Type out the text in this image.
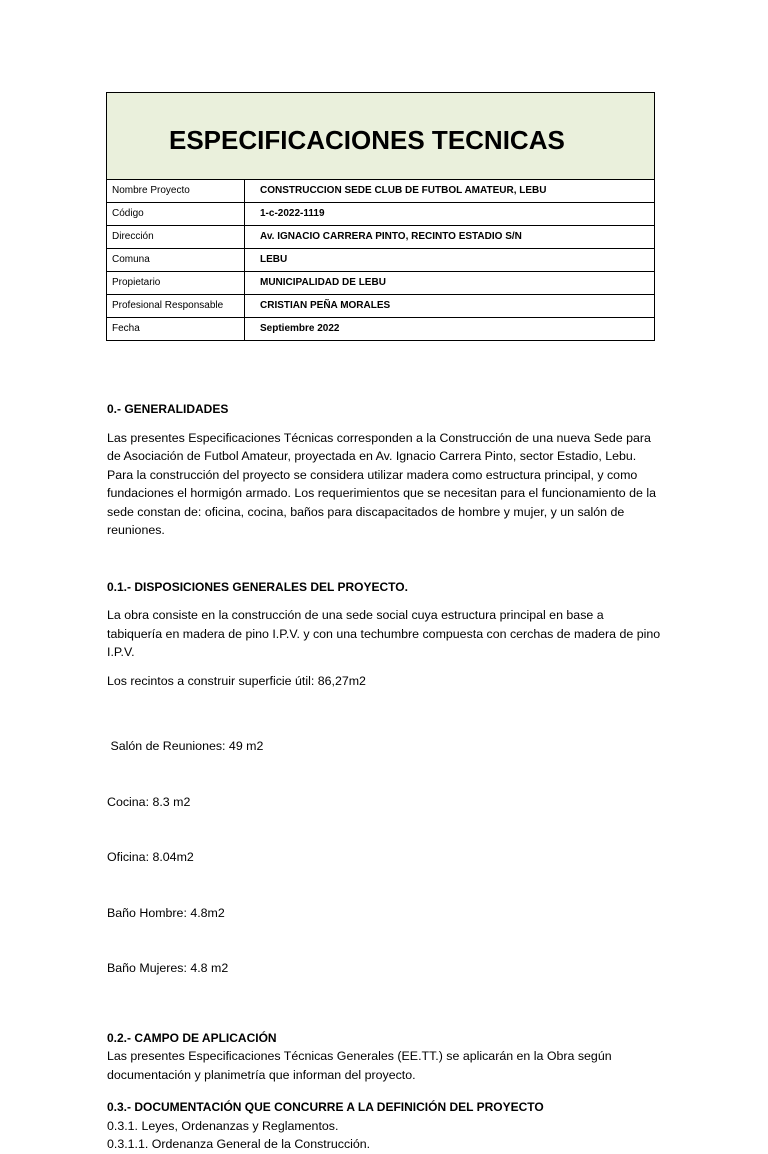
ESPECIFICACIONES TECNICAS
Nombre Proyecto	CONSTRUCCION SEDE CLUB DE FUTBOL AMATEUR, LEBU
Código	1-c-2022-1119
Dirección	Av. IGNACIO CARRERA PINTO, RECINTO ESTADIO S/N
Comuna	LEBU
Propietario	MUNICIPALIDAD DE LEBU
Profesional Responsable	CRISTIAN PEÑA MORALES
Fecha	Septiembre 2022

0.- GENERALIDADES

Las presentes Especificaciones Técnicas corresponden a la Construcción de una nueva Sede para de Asociación de Futbol Amateur, proyectada en Av. Ignacio Carrera Pinto, sector Estadio, Lebu. Para la construcción del proyecto se considera utilizar madera como estructura principal, y como fundaciones el hormigón armado. Los requerimientos que se necesitan para el funcionamiento de la sede constan de: oficina, cocina, baños para discapacitados de hombre y mujer, y un salón de reuniones.

0.1.- DISPOSICIONES GENERALES DEL PROYECTO.

La obra consiste en la construcción de una sede social cuya estructura principal en base a tabiquería en madera de pino I.P.V. y con una techumbre compuesta con cerchas de madera de pino I.P.V.

Los recintos a construir superficie útil: 86,27m2

Salón de Reuniones: 49 m2

Cocina: 8.3 m2

Oficina: 8.04m2

Baño Hombre: 4.8m2

Baño Mujeres: 4.8 m2

0.2.- CAMPO DE APLICACIÓN

Las presentes Especificaciones Técnicas Generales (EE.TT.) se aplicarán en la Obra según documentación y planimetría que informan del proyecto.

0.3.- DOCUMENTACIÓN QUE CONCURRE A LA DEFINICIÓN DEL PROYECTO

0.3.1. Leyes, Ordenanzas y Reglamentos.
0.3.1.1. Ordenanza General de la Construcción.
